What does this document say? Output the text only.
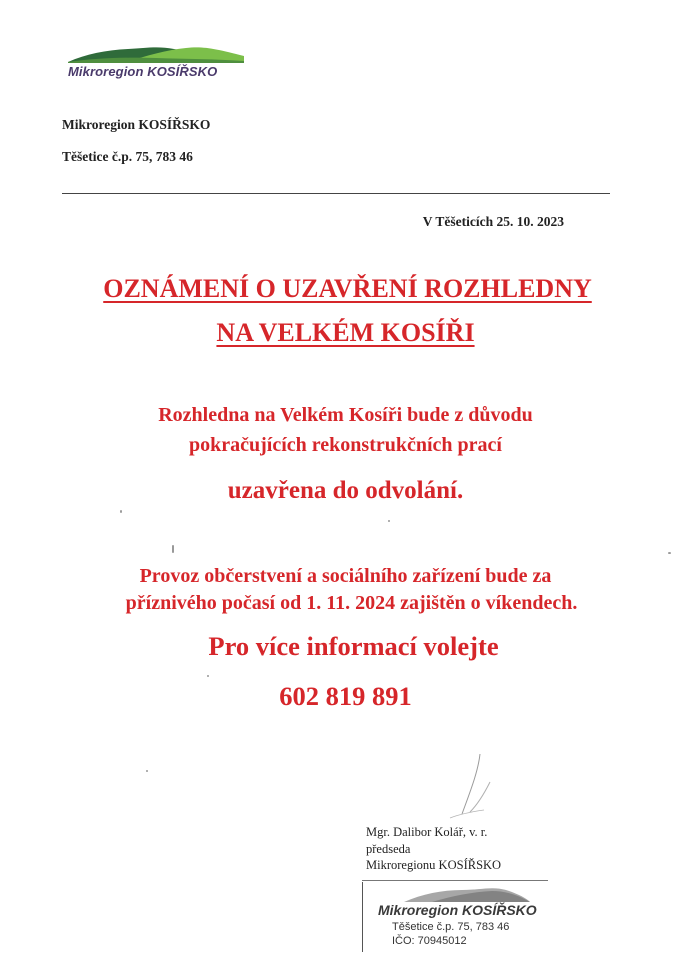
Mikroregion KOSÍŘSKO
Mikroregion KOSÍŘSKO
Těšetice č.p. 75, 783 46
V Těšeticích 25. 10. 2023
OZNÁMENÍ O UZAVŘENÍ ROZHLEDNY
NA VELKÉM KOSÍŘI
Rozhledna na Velkém Kosíři bude z důvodu
pokračujících rekonstrukčních prací
uzavřena do odvolání.
Provoz občerstvení a sociálního zařízení bude za
příznivého počasí od 1. 11. 2024 zajištěn o víkendech.
Pro více informací volejte
602 819 891
Mgr. Dalibor Kolář, v. r.
předseda
Mikroregionu KOSÍŘSKO
Mikroregion KOSÍŘSKO
Těšetice č.p. 75, 783 46
IČO: 70945012
